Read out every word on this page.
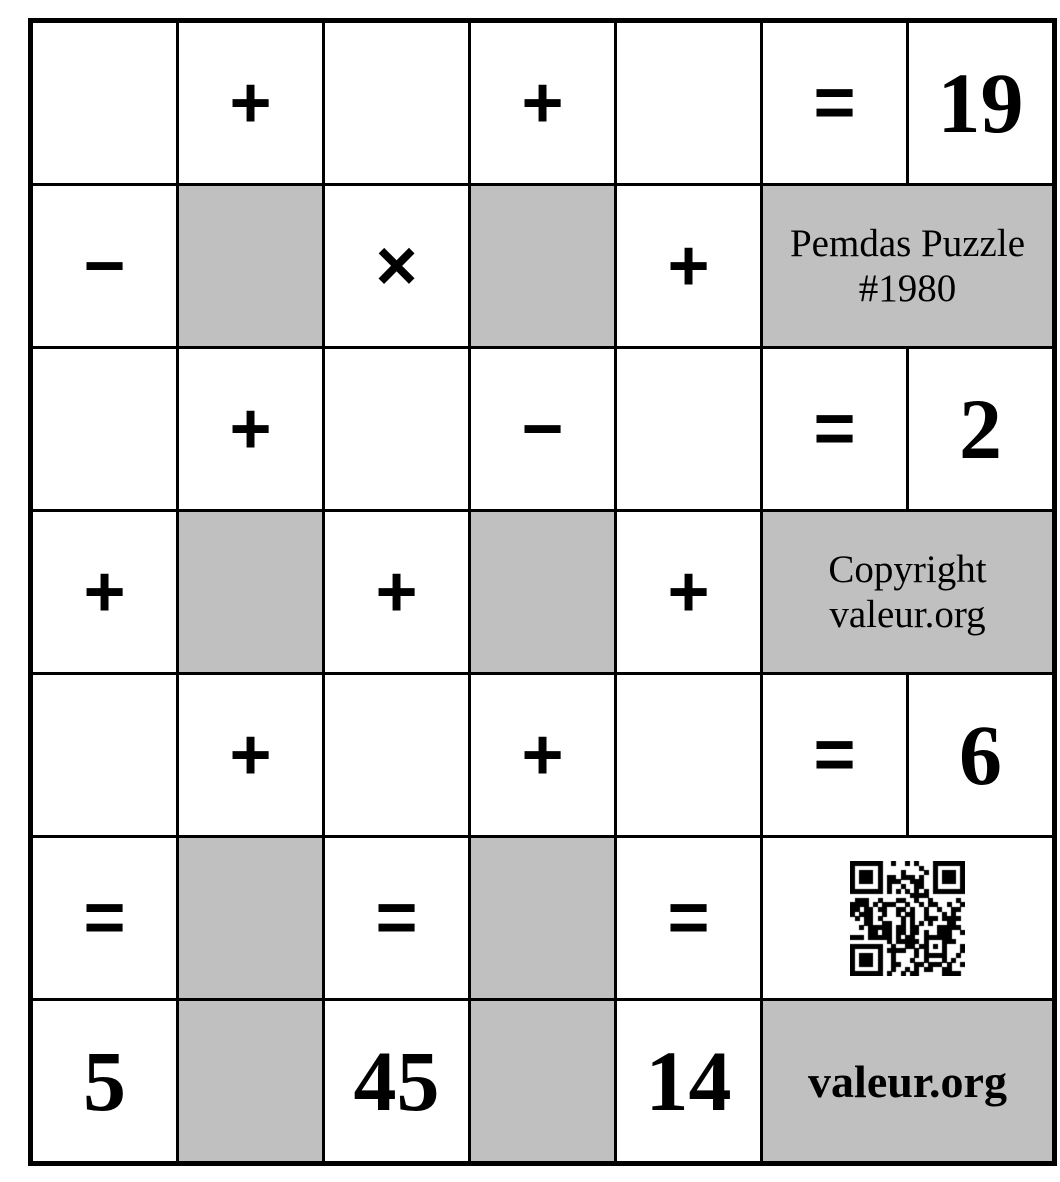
	+		+		=	19
−		×		+	Pemdas Puzzle
#1980	

	+		−		=	2
+		+		+	Copyright
valeur.org	

	+		+		=	6
=		=		=	

5		45		14	valeur.org	
